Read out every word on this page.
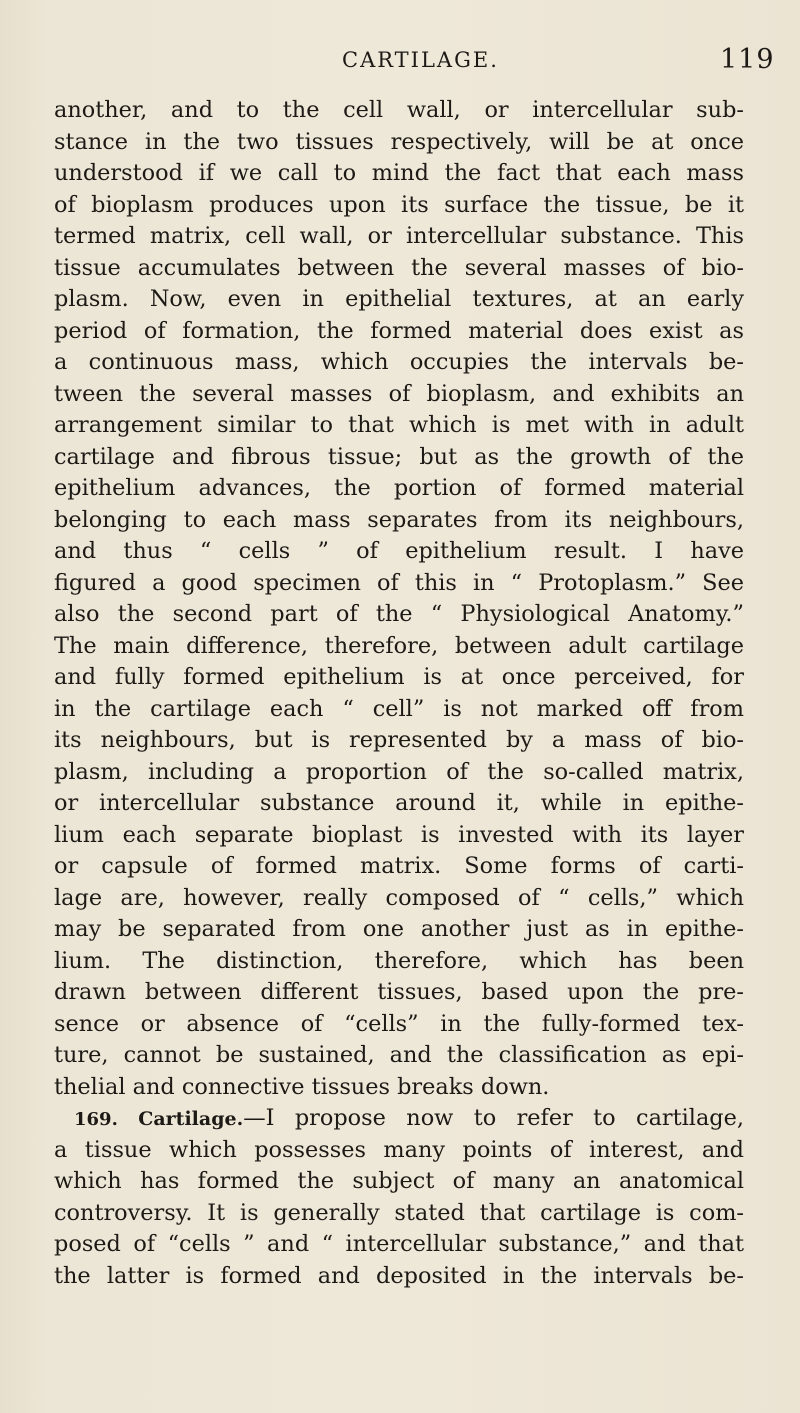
CARTILAGE.	119
another, and to the cell wall, or intercellular sub-
stance in the two tissues respectively, will be at once
understood if we call to mind the fact that each mass
of bioplasm produces upon its surface the tissue, be it
termed matrix, cell wall, or intercellular substance. This
tissue accumulates between the several masses of bio-
plasm. Now, even in epithelial textures, at an early
period of formation, the formed material does exist as
a continuous mass, which occupies the intervals be-
tween the several masses of bioplasm, and exhibits an
arrangement similar to that which is met with in adult
cartilage and fibrous tissue; but as the growth of the
epithelium advances, the portion of formed material
belonging to each mass separates from its neighbours,
and thus “ cells ” of epithelium result. I have
figured a good specimen of this in “ Protoplasm.” See
also the second part of the “ Physiological Anatomy.”
The main difference, therefore, between adult cartilage
and fully formed epithelium is at once perceived, for
in the cartilage each “ cell” is not marked off from
its neighbours, but is represented by a mass of bio-
plasm, including a proportion of the so-called matrix,
or intercellular substance around it, while in epithe-
lium each separate bioplast is invested with its layer
or capsule of formed matrix. Some forms of carti-
lage are, however, really composed of “ cells,” which
may be separated from one another just as in epithe-
lium. The distinction, therefore, which has been
drawn between different tissues, based upon the pre-
sence or absence of “cells” in the fully-formed tex-
ture, cannot be sustained, and the classification as epi-
thelial and connective tissues breaks down.
169. Cartilage.—I propose now to refer to cartilage,
a tissue which possesses many points of interest, and
which has formed the subject of many an anatomical
controversy. It is generally stated that cartilage is com-
posed of “cells ” and “ intercellular substance,” and that
the latter is formed and deposited in the intervals be-
